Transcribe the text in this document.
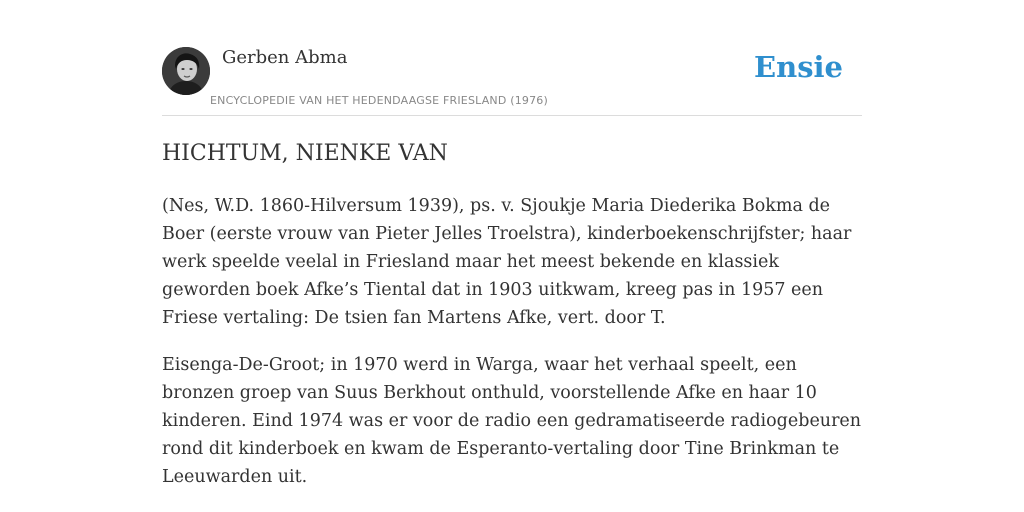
Gerben Abma
ENCYCLOPEDIE VAN HET HEDENDAAGSE FRIESLAND (1976)
Ensie
HICHTUM, NIENKE VAN

(Nes, W.D. 1860-Hilversum 1939), ps. v. Sjoukje Maria Diederika Bokma de Boer (eerste vrouw van Pieter Jelles Troelstra), kinderboekenschrijfster; haar werk speelde veelal in Friesland maar het meest bekende en klassiek geworden boek Afke’s Tiental dat in 1903 uitkwam, kreeg pas in 1957 een Friese vertaling: De tsien fan Martens Afke, vert. door T.

Eisenga-De-Groot; in 1970 werd in Warga, waar het verhaal speelt, een bronzen groep van Suus Berkhout onthuld, voorstellende Afke en haar 10 kinderen. Eind 1974 was er voor de radio een gedramatiseerde radiogebeuren rond dit kinderboek en kwam de Esperanto-vertaling door Tine Brinkman te Leeuwarden uit.
